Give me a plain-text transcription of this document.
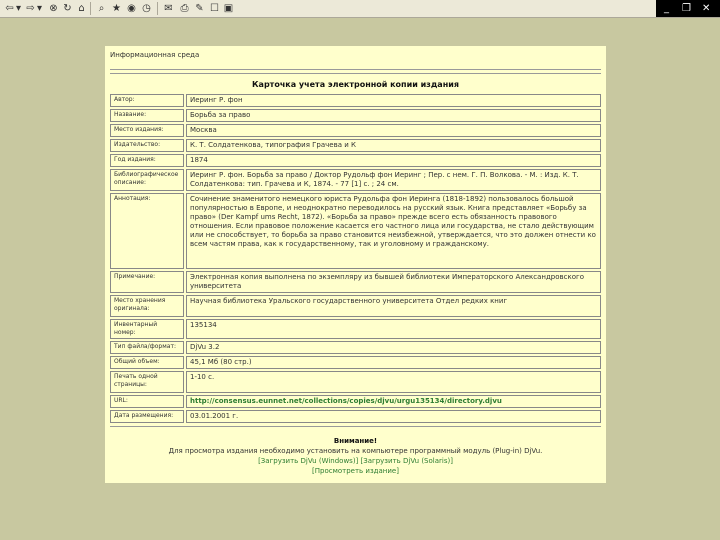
⇦ ▾ ⇨ ▾ ⊗ ↻ ⌂	⌕ ★ ◉ ◷ ✉ ⎙ ✎ ☐ ▣	_ ❐ ✕
Информационная среда
Карточка учета электронной копии издания
Автор:	Иеринг Р. фон
Название:	Борьба за право
Место издания:	Москва
Издательство:	К. Т. Солдатенкова, типография Грачева и К
Год издания:	1874
Библиографическое описание:	Иеринг Р. фон. Борьба за право / Доктор Рудольф фон Иеринг ; Пер. с нем. Г. П. Волкова. - М. : Изд. К. Т. Солдатенкова: тип. Грачева и К, 1874. - 77 [1] с. ; 24 см.
Аннотация:	Сочинение знаменитого немецкого юриста Рудольфа фон Иеринга (1818-1892) пользовалось большой популярностью в Европе, и неоднократно переводилось на русский язык. Книга представляет «Борьбу за право» (Der Kampf ums Recht, 1872). «Борьба за право» прежде всего есть обязанность правового отношения. Если правовое положение касается его частного лица или государства, не стало действующим или не способствует, то борьба за право становится неизбежной, утверждается, что это должен отнести ко всем частям права, как к государственному, так и уголовному и гражданскому.
Примечание:	Электронная копия выполнена по экземпляру из бывшей библиотеки Императорского Александровского университета
Место хранения оригинала:	Научная библиотека Уральского государственного университета Отдел редких книг
Инвентарный номер:	135134
Тип файла/формат:	DjVu 3.2
Общий объем:	45,1 Мб (80 стр.)
Печать одной страницы:	1-10 с.
URL:	http://consensus.eunnet.net/collections/copies/djvu/urgu135134/directory.djvu
Дата размещения:	03.01.2001 г.
Внимание!
Для просмотра издания необходимо установить на компьютере программный модуль (Plug-in) DjVu.
[Загрузить DjVu (Windows)] [Загрузить DjVu (Solaris)]
[Просмотреть издание]
